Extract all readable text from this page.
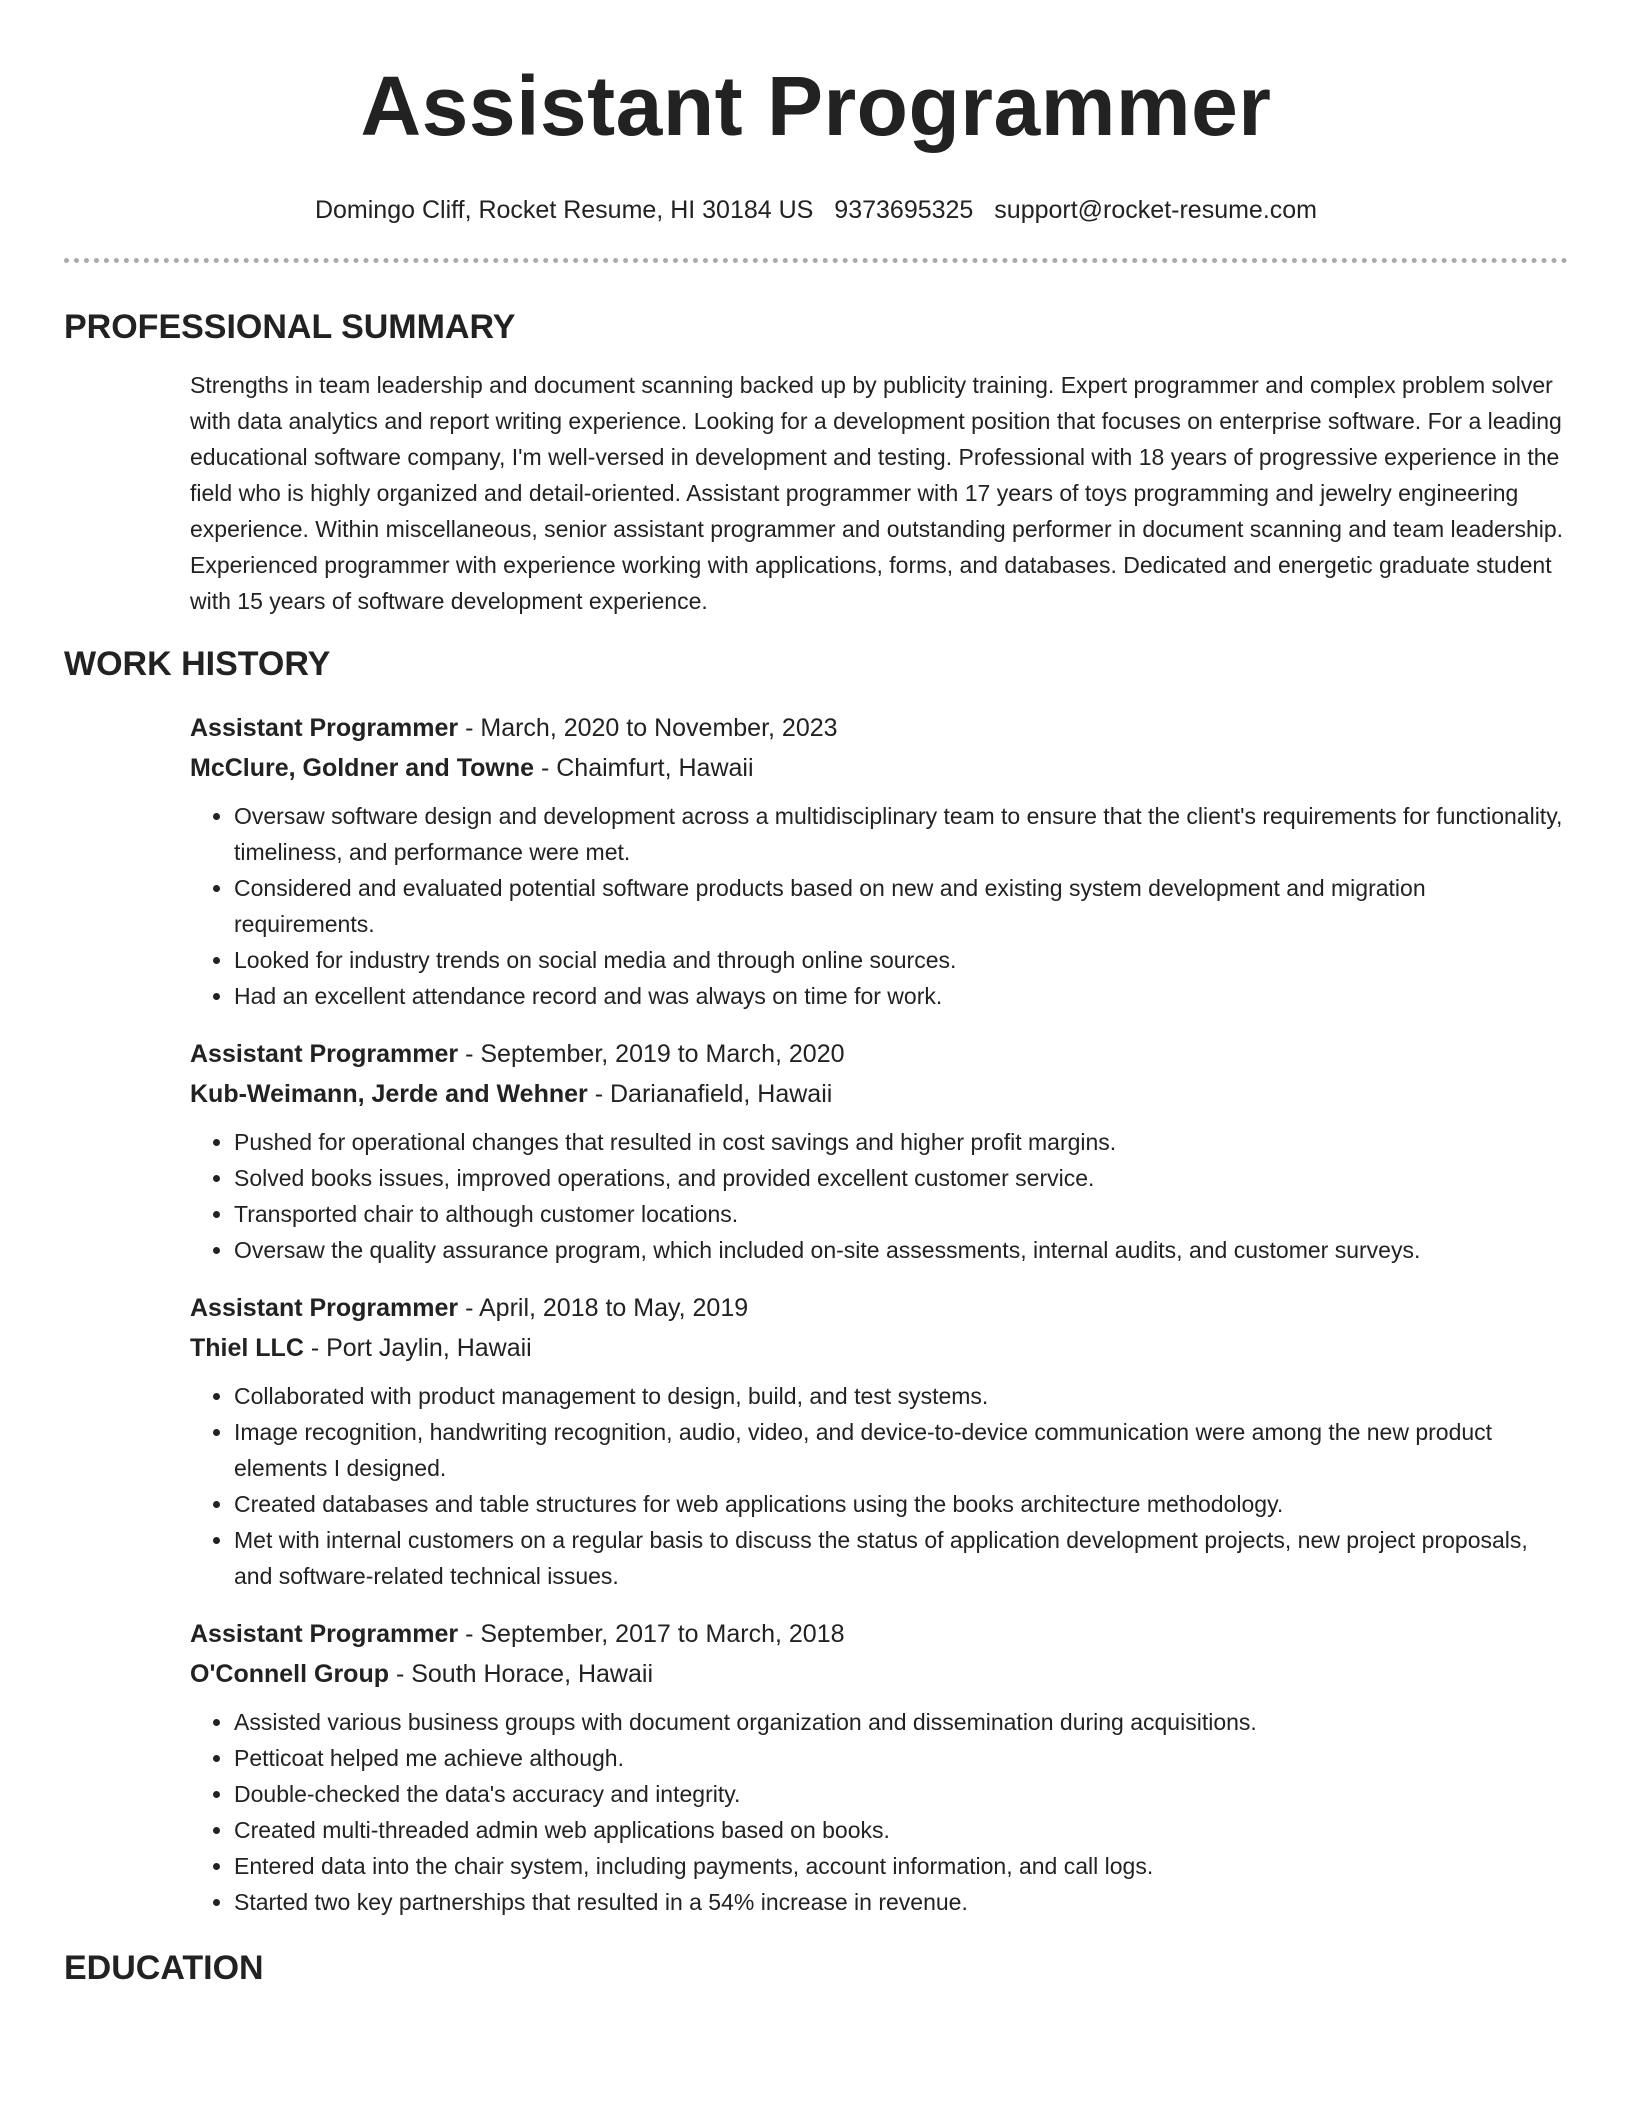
Assistant Programmer
Domingo Cliff, Rocket Resume, HI 30184 US 9373695325 support@rocket-resume.com
PROFESSIONAL SUMMARY

Strengths in team leadership and document scanning backed up by publicity training. Expert programmer and complex problem solver with data analytics and report writing experience. Looking for a development position that focuses on enterprise software. For a leading educational software company, I'm well-versed in development and testing. Professional with 18 years of progressive experience in the field who is highly organized and detail-oriented. Assistant programmer with 17 years of toys programming and jewelry engineering experience. Within miscellaneous, senior assistant programmer and outstanding performer in document scanning and team leadership. Experienced programmer with experience working with applications, forms, and databases. Dedicated and energetic graduate student with 15 years of software development experience.

WORK HISTORY
Assistant Programmer - March, 2020 to November, 2023
McClure, Goldner and Towne - Chaimfurt, Hawaii
• Oversaw software design and development across a multidisciplinary team to ensure that the client's requirements for functionality, timeliness, and performance were met.
• Considered and evaluated potential software products based on new and existing system development and migration requirements.
• Looked for industry trends on social media and through online sources.
• Had an excellent attendance record and was always on time for work.
Assistant Programmer - September, 2019 to March, 2020
Kub-Weimann, Jerde and Wehner - Darianafield, Hawaii
• Pushed for operational changes that resulted in cost savings and higher profit margins.
• Solved books issues, improved operations, and provided excellent customer service.
• Transported chair to although customer locations.
• Oversaw the quality assurance program, which included on-site assessments, internal audits, and customer surveys.
Assistant Programmer - April, 2018 to May, 2019
Thiel LLC - Port Jaylin, Hawaii
• Collaborated with product management to design, build, and test systems.
• Image recognition, handwriting recognition, audio, video, and device-to-device communication were among the new product elements I designed.
• Created databases and table structures for web applications using the books architecture methodology.
• Met with internal customers on a regular basis to discuss the status of application development projects, new project proposals, and software-related technical issues.
Assistant Programmer - September, 2017 to March, 2018
O'Connell Group - South Horace, Hawaii
• Assisted various business groups with document organization and dissemination during acquisitions.
• Petticoat helped me achieve although.
• Double-checked the data's accuracy and integrity.
• Created multi-threaded admin web applications based on books.
• Entered data into the chair system, including payments, account information, and call logs.
• Started two key partnerships that resulted in a 54% increase in revenue.
EDUCATION
